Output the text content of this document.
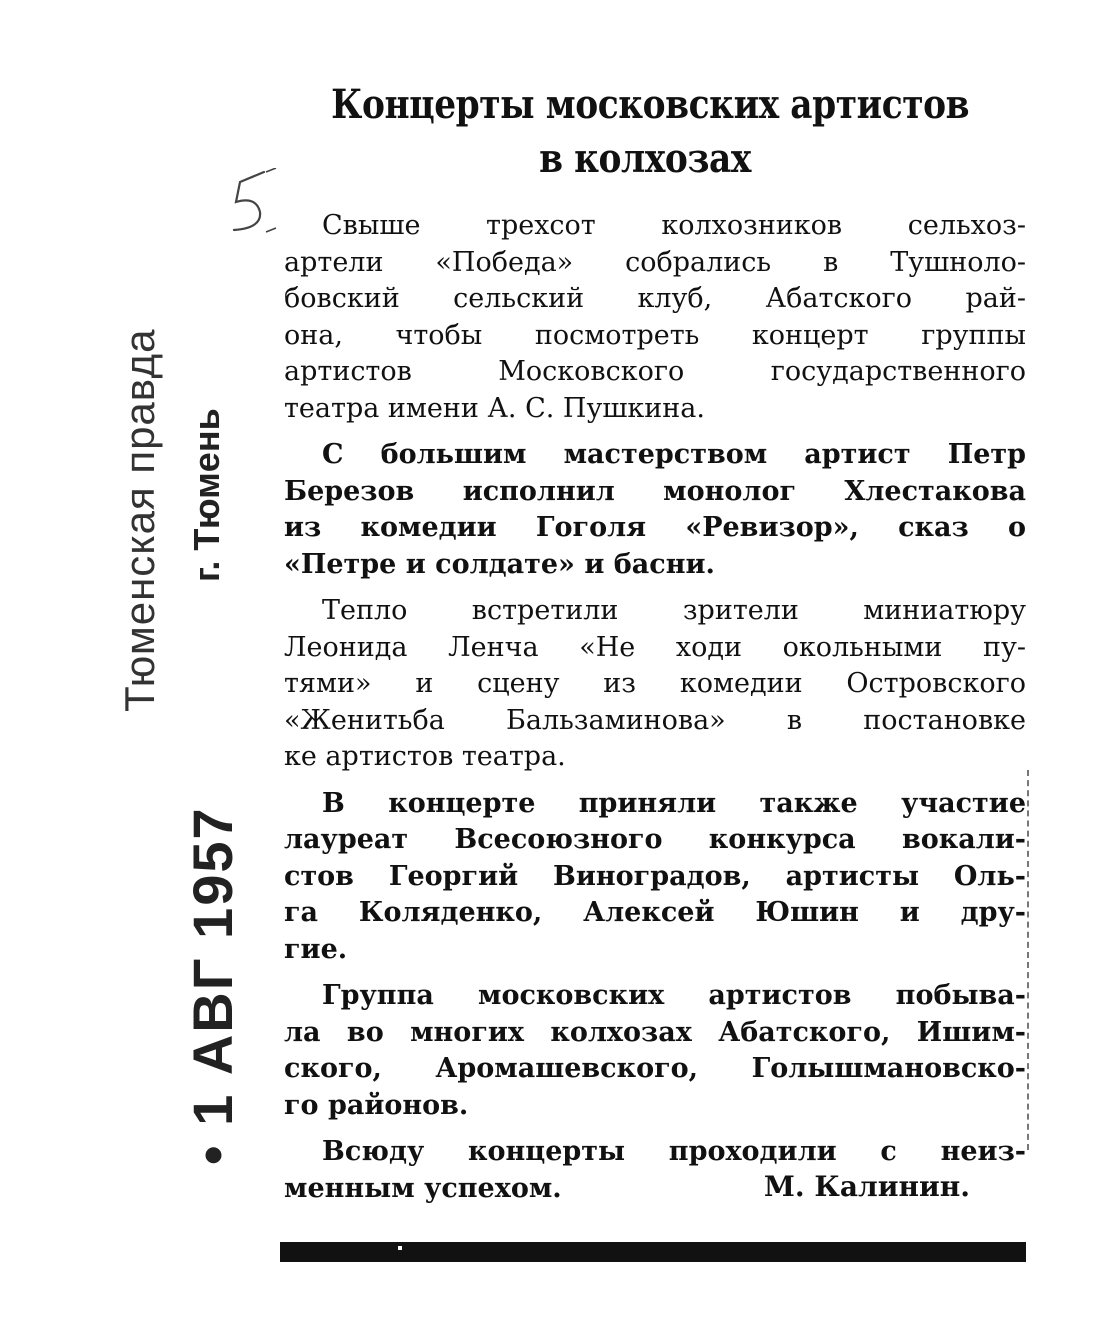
Тюменская правда г. Тюмень
• 1 АВГ 1957
Концерты московских артистов
в колхозах
Свыше трехсот колхозников сельхоз-
артели «Победа» собрались в Тушноло-
бовский сельский клуб, Абатского рай-
она, чтобы посмотреть концерт группы
артистов Московского государственного
театра имени А. С. Пушкина.
С большим мастерством артист Петр
Березов исполнил монолог Хлестакова
из комедии Гоголя «Ревизор», сказ о
«Петре и солдате» и басни.
Тепло встретили зрители миниатюру
Леонида Ленча «Не ходи окольными пу-
тями» и сцену из комедии Островского
«Женитьба Бальзаминова» в постановке
ке артистов театра.
В концерте приняли также участие
лауреат Всесоюзного конкурса вокали-
стов Георгий Виноградов, артисты Оль-
га Коляденко, Алексей Юшин и дру-
гие.
Группа московских артистов побыва-
ла во многих колхозах Абатского, Ишим-
ского, Аромашевского, Голышмановско-
го районов.
Всюду концерты проходили с неиз-
менным успехом.	М. Калинин.
